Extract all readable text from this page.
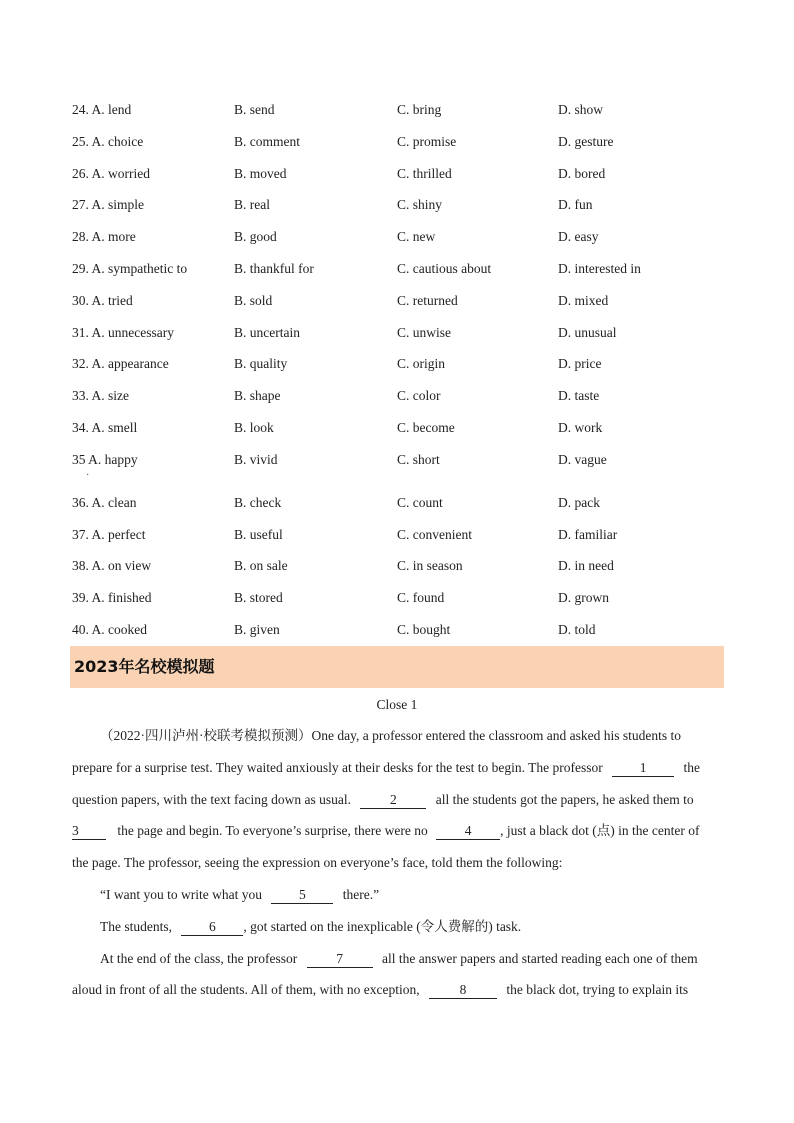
24. A. lend	B. send	C. bring	D. show
25. A. choice	B. comment	C. promise	D. gesture
26. A. worried	B. moved	C. thrilled	D. bored
27. A. simple	B. real	C. shiny	D. fun
28. A. more	B. good	C. new	D. easy
29. A. sympathetic to	B. thankful for	C. cautious about	D. interested in
30. A. tried	B. sold	C. returned	D. mixed
31. A. unnecessary	B. uncertain	C. unwise	D. unusual
32. A. appearance	B. quality	C. origin	D. price
33. A. size	B. shape	C. color	D. taste
34. A. smell	B. look	C. become	D. work
35 A. happy	B. vivid	C. short	D. vague
36. A. clean	B. check	C. count	D. pack
37. A. perfect	B. useful	C. convenient	D. familiar
38. A. on view	B. on sale	C. in season	D. in need
39. A. finished	B. stored	C. found	D. grown
40. A. cooked	B. given	C. bought	D. told
·
2023年名校模拟题
Close 1
（2022·四川泸州·校联考模拟预测）One day, a professor entered the classroom and asked his students to
prepare for a surprise test. They waited anxiously at their desks for the test to begin. The professor	1	the
question papers, with the text facing down as usual.	2	all the students got the papers, he asked them to
3	the page and begin. To everyone’s surprise, there were no	4 , just a black dot (点) in the center of
the page. The professor, seeing the expression on everyone’s face, told them the following:
“I want you to write what you	5	there.”
The students,	6 , got started on the inexplicable (令人费解的) task.
At the end of the class, the professor	7	all the answer papers and started reading each one of them
aloud in front of all the students. All of them, with no exception,	8	the black dot, trying to explain its
